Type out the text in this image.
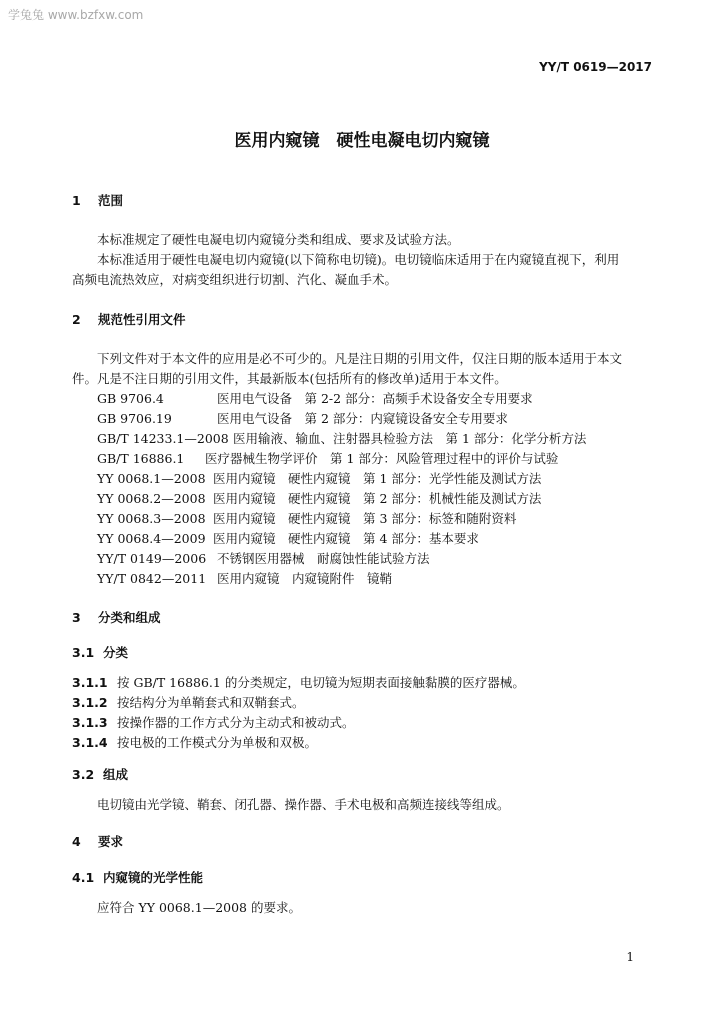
学兔兔 www.bzfxw.com
YY/T 0619—2017
医用内窥镜　硬性电凝电切内窥镜
1 范围
本标准规定了硬性电凝电切内窥镜分类和组成、要求及试验方法。
本标准适用于硬性电凝电切内窥镜(以下简称电切镜)。电切镜临床适用于在内窥镜直视下，利用
高频电流热效应，对病变组织进行切割、汽化、凝血手术。
2 规范性引用文件
下列文件对于本文件的应用是必不可少的。凡是注日期的引用文件，仅注日期的版本适用于本文
件。凡是不注日期的引用文件，其最新版本(包括所有的修改单)适用于本文件。
GB 9706.4	医用电气设备　第 2-2 部分：高频手术设备安全专用要求
GB 9706.19	医用电气设备　第 2 部分：内窥镜设备安全专用要求
GB/T 14233.1—2008 医用输液、输血、注射器具检验方法　第 1 部分：化学分析方法
GB/T 16886.1 医疗器械生物学评价　第 1 部分：风险管理过程中的评价与试验
YY 0068.1—2008 医用内窥镜　硬性内窥镜　第 1 部分：光学性能及测试方法
YY 0068.2—2008 医用内窥镜　硬性内窥镜　第 2 部分：机械性能及测试方法
YY 0068.3—2008 医用内窥镜　硬性内窥镜　第 3 部分：标签和随附资料
YY 0068.4—2009 医用内窥镜　硬性内窥镜　第 4 部分：基本要求
YY/T 0149—2006 不锈钢医用器械　耐腐蚀性能试验方法
YY/T 0842—2011 医用内窥镜　内窥镜附件　镜鞘
3 分类和组成
3.1 分类
3.1.1 按 GB/T 16886.1 的分类规定，电切镜为短期表面接触黏膜的医疗器械。
3.1.2 按结构分为单鞘套式和双鞘套式。
3.1.3 按操作器的工作方式分为主动式和被动式。
3.1.4 按电极的工作模式分为单极和双极。
3.2 组成
电切镜由光学镜、鞘套、闭孔器、操作器、手术电极和高频连接线等组成。
4 要求
4.1 内窥镜的光学性能
应符合 YY 0068.1—2008 的要求。
1
